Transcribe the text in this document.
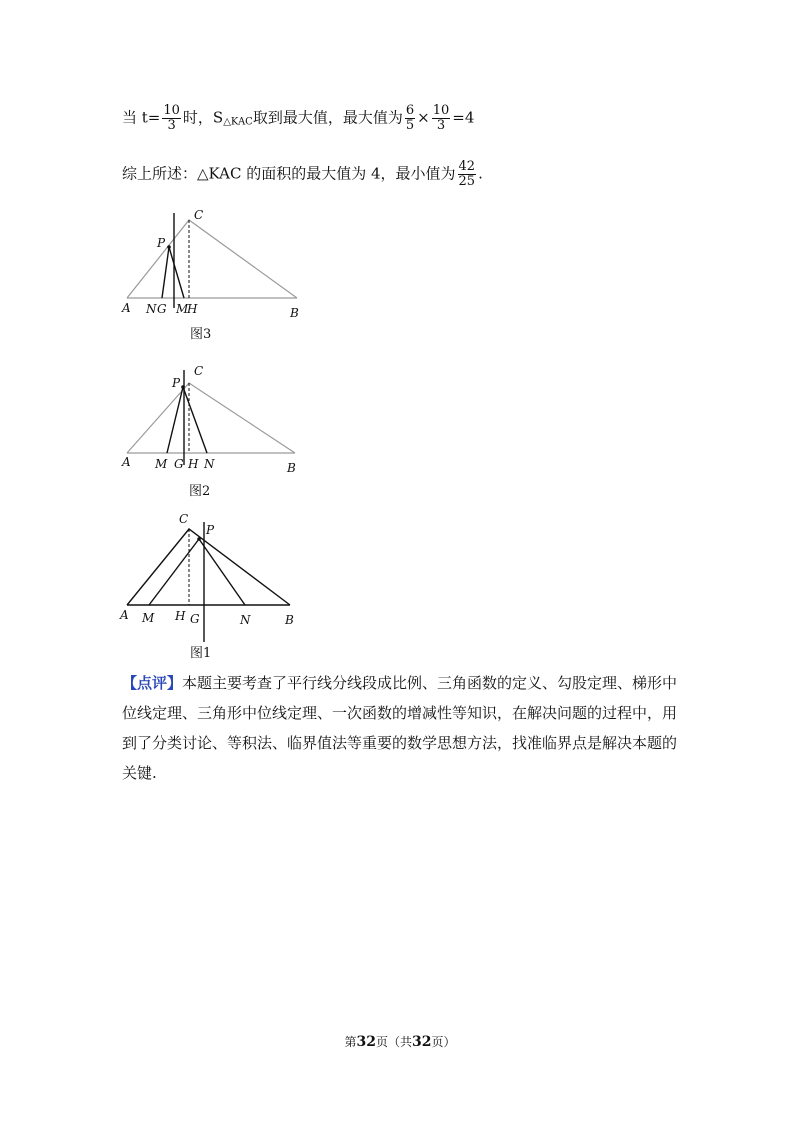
当 $t= \frac{10}{3}$ 时，$S_{\triangle KAC}$取到最大值，最大值为 $\frac{6}{5} \times \frac{10}{3} =4$
综上所述：△KAC 的面积的最大值为 4，最小值为 $\frac{42}{25}$ .
A	B
C
P
N G M
H
图3
A	B
C
P
M G H N
图2
A	B
C
P
M H G	N
图1
【点评】本题主要考查了平行线分线段成比例、三角函数的定义、勾股定理、梯形中位线定理、三角形中位线定理、一次函数的增减性等知识，在解决问题的过程中，用到了分类讨论、等积法、临界值法等重要的数学思想方法，找准临界点是解决本题的关键.
第32页（共32页）
